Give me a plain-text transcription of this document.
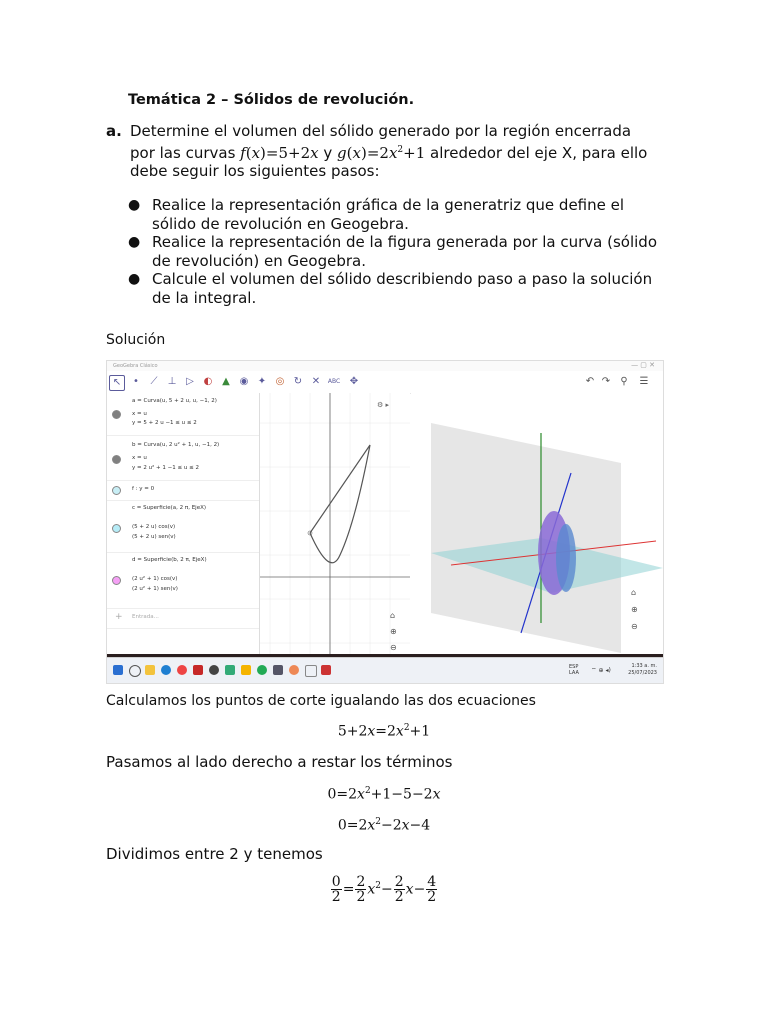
Temática 2 – Sólidos de revolución.
a. Determine el volumen del sólido generado por la región encerrada
por las curvas f(x)=5+2x y $g(x)=2x^2+1$ alrededor del eje X, para ello
debe seguir los siguientes pasos:
● Realice la representación gráfica de la generatriz que define el sólido de revolución en Geogebra.
● Realice la representación de la figura generada por la curva (sólido de revolución) en Geogebra.
● Calcule el volumen del sólido describiendo paso a paso la solución de la integral.
Solución
GeoGebra Clásico	— ▢ ✕
↖	•	⟋	⊥ ▷ ◐ ▲ ◉ ✦ ◎ ↻ ✕	ABC ✥	↶ ↷	⚲	☰
a = Curva(u, 5 + 2 u, u, −1, 2)
x = u
y = 5 + 2 u −1 ≤ u ≤ 2
b = Curva(u, 2 u² + 1, u, −1, 2)
x = u
y = 2 u² + 1 −1 ≤ u ≤ 2
f : y = 0
c = Superficie(a, 2 π, EjeX)
(5 + 2 u) cos(v)
(5 + 2 u) sen(v)
d = Superficie(b, 2 π, EjeX)
(2 u² + 1) cos(v)
(2 u² + 1) sen(v)
+ Entrada...
⚙ ▸
⌂
⊕
⊖
⌂
⊕
⊖
ESP LAA	⌔ ⊕ ◂)
1:33 a. m.
25/07/2023
Calculamos los puntos de corte igualando las dos ecuaciones
$5+2x=2x^2+1$
Pasamos al lado derecho a restar los términos
$0=2x^2+1-5-2x$
$0=2x^2-2x-4$
Dividimos entre 2 y tenemos
$\frac{0}{2} = \frac{2}{2} x^2- \frac{2}{2} x- \frac{4}{2}$
